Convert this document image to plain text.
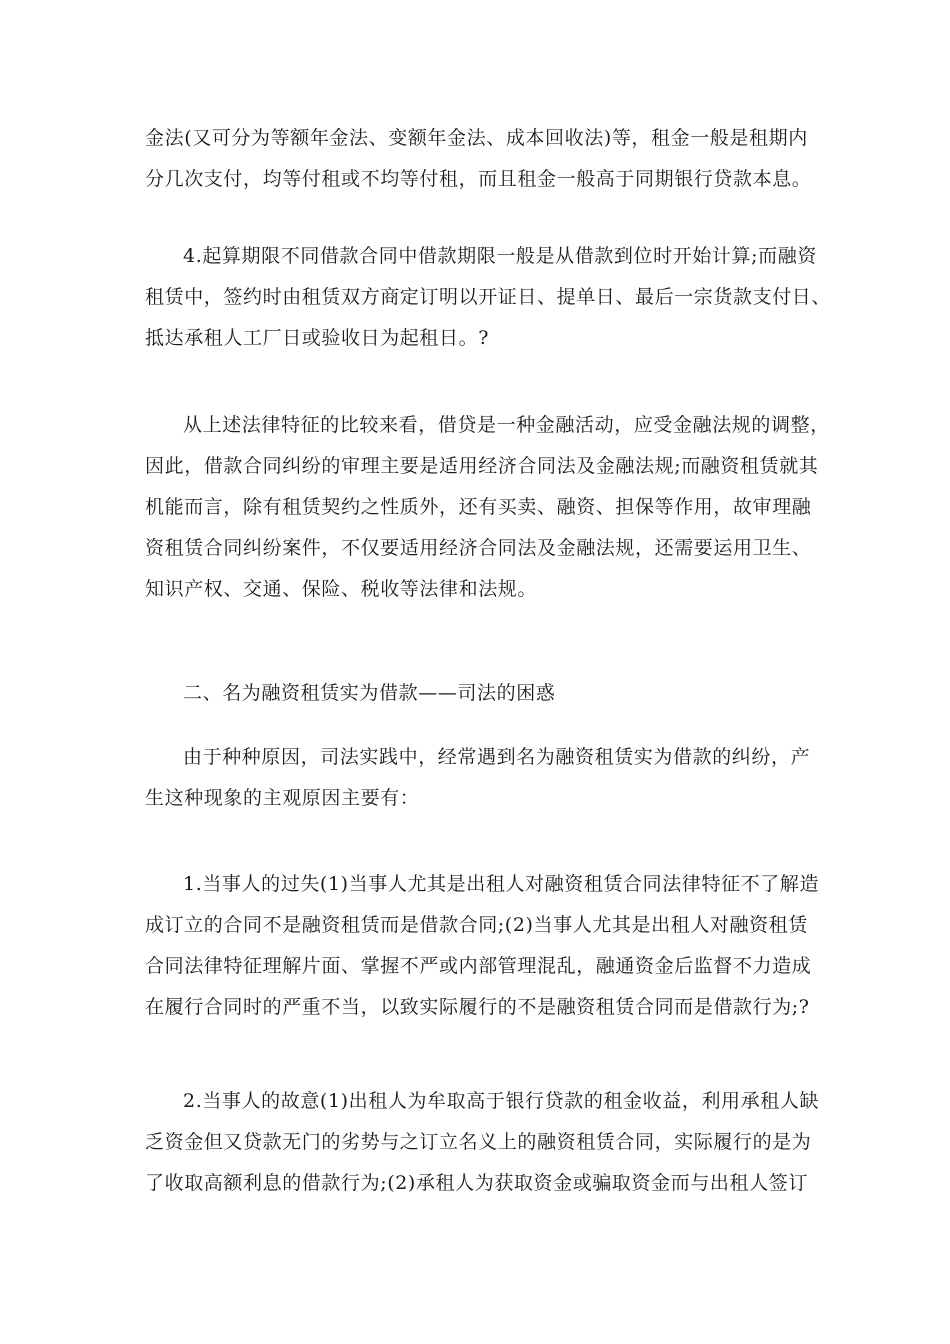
金法(又可分为等额年金法、变额年金法、成本回收法)等，租金一般是租期内
分几次支付，均等付租或不均等付租，而且租金一般高于同期银行贷款本息。
4.起算期限不同借款合同中借款期限一般是从借款到位时开始计算;而融资
租赁中，签约时由租赁双方商定订明以开证日、提单日、最后一宗货款支付日、
抵达承租人工厂日或验收日为起租日。?
从上述法律特征的比较来看，借贷是一种金融活动，应受金融法规的调整，
因此，借款合同纠纷的审理主要是适用经济合同法及金融法规;而融资租赁就其
机能而言，除有租赁契约之性质外，还有买卖、融资、担保等作用，故审理融
资租赁合同纠纷案件，不仅要适用经济合同法及金融法规，还需要运用卫生、
知识产权、交通、保险、税收等法律和法规。
二、名为融资租赁实为借款——司法的困惑
由于种种原因，司法实践中，经常遇到名为融资租赁实为借款的纠纷，产
生这种现象的主观原因主要有：
1.当事人的过失(1)当事人尤其是出租人对融资租赁合同法律特征不了解造
成订立的合同不是融资租赁而是借款合同;(2)当事人尤其是出租人对融资租赁
合同法律特征理解片面、掌握不严或内部管理混乱，融通资金后监督不力造成
在履行合同时的严重不当，以致实际履行的不是融资租赁合同而是借款行为;?
2.当事人的故意(1)出租人为牟取高于银行贷款的租金收益，利用承租人缺
乏资金但又贷款无门的劣势与之订立名义上的融资租赁合同，实际履行的是为
了收取高额利息的借款行为;(2)承租人为获取资金或骗取资金而与出租人签订
